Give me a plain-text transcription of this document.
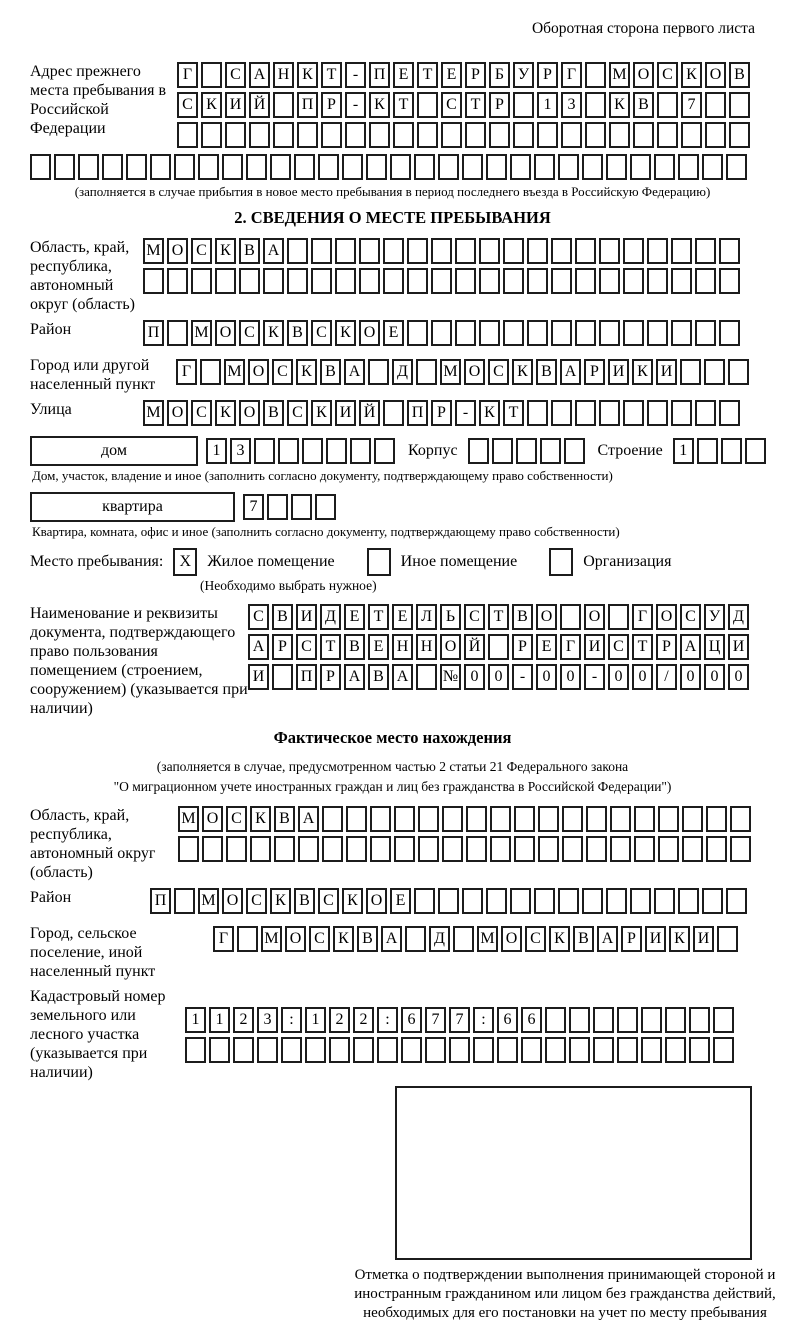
Оборотная сторона первого листа
Адрес прежнего места пребывания в Российской Федерации
Г	С А Н К Т	- П Е Т Е Р Б У Р Г	М О С К О В
С К И Й П Р	-	К Т	С Т Р	1	3	К В	7
(заполняется в случае прибытия в новое место пребывания в период последнего въезда в Российскую Федерацию)
2. СВЕДЕНИЯ О МЕСТЕ ПРЕБЫВАНИЯ
Область, край, республика, автономный округ (область)
М О С К В А
Район	П М О С К В С К О Е
Город или другой населенный пункт
Г	М О С К В А	Д	М О С К В А Р И К И
Улица	М О С К О В С К И Й П Р	-	К Т
дом	1	3	Корпус	Строение	1
Дом, участок, владение и иное (заполнить согласно документу, подтверждающему право собственности)
квартира	7
Квартира, комната, офис и иное (заполнить согласно документу, подтверждающему право собственности)
Место пребывания:	X	Жилое помещение	Иное помещение	Организация
(Необходимо выбрать нужное)
Наименование и реквизиты документа, подтверждающего право пользования помещением (строением, сооружением) (указывается при наличии)
С В И Д Е Т Е Л Ь С Т В О О	Г О С У Д
А Р С Т В Е Н Н О Й	Р Е Г И С Т Р А Ц И
И П Р А В А № 0	0	-	0	0	-	0	0	/	0	0	0
Фактическое место нахождения
(заполняется в случае, предусмотренном частью 2 статьи 21 Федерального закона
"О миграционном учете иностранных граждан и лиц без гражданства в Российской Федерации")
Область, край, республика, автономный округ (область)
М О С К В А
Район	П М О С К В С К О Е
Город, сельское поселение, иной населенный пункт
Г	М О С К В А	Д	М О С К В А Р И К И
Кадастровый номер земельного или лесного участка (указывается при наличии)
1	1	2	3	:	1	2	2	:	6	7	7	:	6	6
Отметка о подтверждении выполнения принимающей стороной и иностранным гражданином или лицом без гражданства действий, необходимых для его постановки на учет по месту пребывания
